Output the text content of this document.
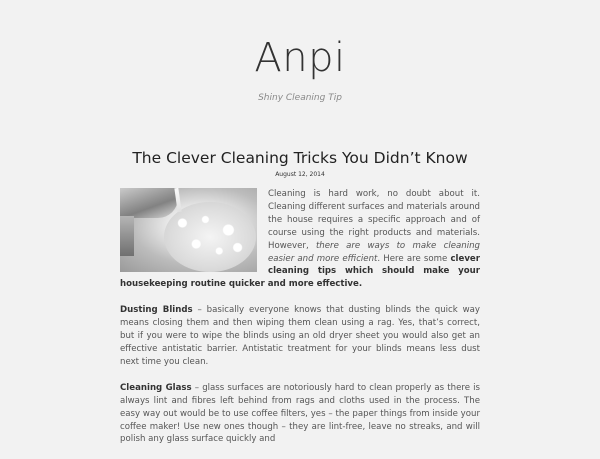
Anpi
Shiny Cleaning Tip
The Clever Cleaning Tricks You Didn’t Know
August 12, 2014

Cleaning is hard work, no doubt about it. Cleaning different surfaces and materials around the house requires a specific approach and of course using the right products and materials. However, there are ways to make cleaning easier and more efficient. Here are some clever cleaning tips which should make your housekeeping routine quicker and more effective.

Dusting Blinds – basically everyone knows that dusting blinds the quick way means closing them and then wiping them clean using a rag. Yes, that’s correct, but if you were to wipe the blinds using an old dryer sheet you would also get an effective antistatic barrier. Antistatic treatment for your blinds means less dust next time you clean.

Cleaning Glass – glass surfaces are notoriously hard to clean properly as there is always lint and fibres left behind from rags and cloths used in the process. The easy way out would be to use coffee filters, yes – the paper things from inside your coffee maker! Use new ones though – they are lint-free, leave no streaks, and will polish any glass surface quickly and
